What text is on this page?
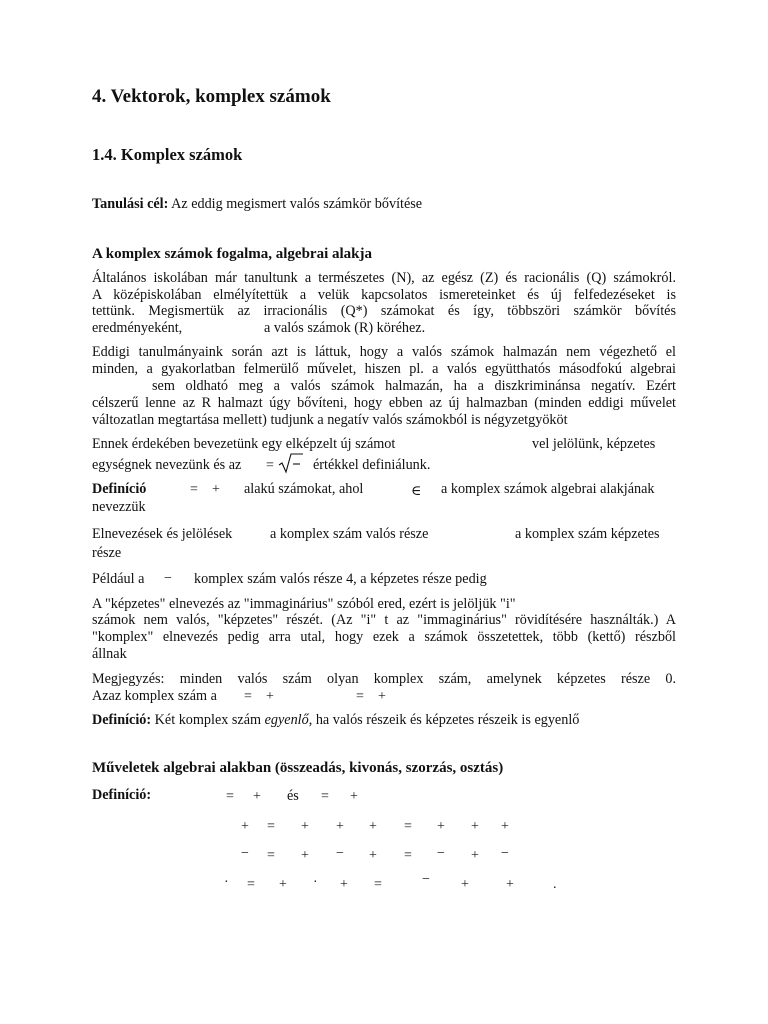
4. Vektorok, komplex számok
1.4. Komplex számok
Tanulási cél: Az eddig megismert valós számkör bővítése
A komplex számok fogalma, algebrai alakja
Általános iskolában már tanultunk a természetes (N), az egész (Z) és racionális (Q) számokról.
A középiskolában elmélyítettük a velük kapcsolatos ismereteinket és új felfedezéseket is
tettünk. Megismertük az irracionális (Q*) számokat és így, többszöri számkör bővítés
eredményeként,	a valós számok (R) köréhez.
Eddigi tanulmányaink során azt is láttuk, hogy a valós számok halmazán nem végezhető el
minden, a gyakorlatban felmerülő művelet, hiszen pl. a valós együtthatós másodfokú algebrai
sem oldható meg a valós számok halmazán, ha a diszkriminánsa negatív. Ezért
célszerű lenne az R halmazt úgy bővíteni, hogy ebben az új halmazban (minden eddigi művelet
változatlan megtartása mellett) tudjunk a negatív valós számokból is négyzetgyököt
Ennek érdekében bevezetünk egy elképzelt új számot	vel jelölünk, képzetes
egységnek nevezünk és az =	értékkel definiálunk.
Definíció	= + alakú számokat, ahol	∈ a komplex számok algebrai alakjának
nevezzük
Elnevezések és jelölések	a komplex szám valós része	a komplex szám képzetes
része
Például a − komplex szám valós része 4, a képzetes része pedig
A "képzetes" elnevezés az "immaginárius" szóból ered, ezért is jelöljük "i"
számok nem valós, "képzetes" részét. (Az "i" t az "immaginárius" rövidítésére használták.) A
"komplex" elnevezés pedig arra utal, hogy ezek a számok összetettek, több (kettő) részből
állnak
Megjegyzés: minden valós szám olyan komplex szám, amelynek képzetes része 0.
Azaz komplex szám a = +	= +
Definíció: Két komplex szám egyenlő, ha valós részeik és képzetes részeik is egyenlő
Műveletek algebrai alakban (összeadás, kivonás, szorzás, osztás)
Definíció:	= + és = +
+ = + + + = + + +
− = + − + = − + −
· = + · + =	− +	+	.
